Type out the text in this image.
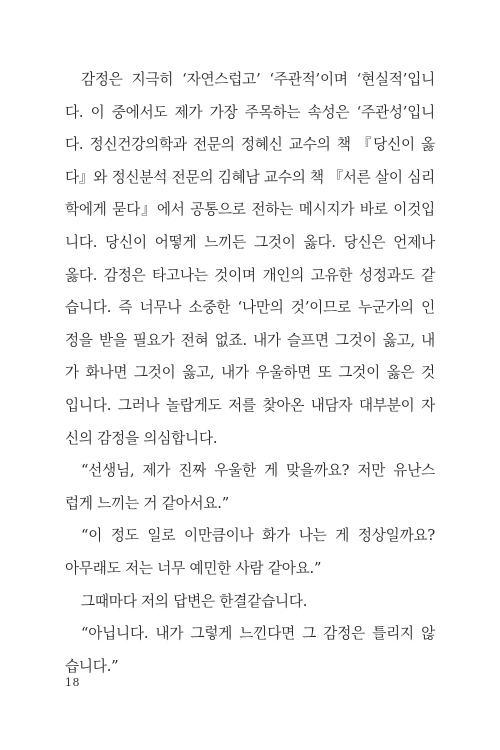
감정은 지극히 ‘자연스럽고’ ‘주관적’이며 ‘현실적’입니
다. 이 중에서도 제가 가장 주목하는 속성은 ‘주관성’입니
다. 정신건강의학과 전문의 정혜신 교수의 책 『당신이 옳
다』와 정신분석 전문의 김혜남 교수의 책 『서른 살이 심리
학에게 묻다』에서 공통으로 전하는 메시지가 바로 이것입
니다. 당신이 어떻게 느끼든 그것이 옳다. 당신은 언제나
옳다. 감정은 타고나는 것이며 개인의 고유한 성정과도 같
습니다. 즉 너무나 소중한 ‘나만의 것’이므로 누군가의 인
정을 받을 필요가 전혀 없죠. 내가 슬프면 그것이 옳고, 내
가 화나면 그것이 옳고, 내가 우울하면 또 그것이 옳은 것
입니다. 그러나 놀랍게도 저를 찾아온 내담자 대부분이 자
신의 감정을 의심합니다.
“선생님, 제가 진짜 우울한 게 맞을까요? 저만 유난스
럽게 느끼는 거 같아서요.”
“이 정도 일로 이만큼이나 화가 나는 게 정상일까요?
아무래도 저는 너무 예민한 사람 같아요.”
그때마다 저의 답변은 한결같습니다.
“아닙니다. 내가 그렇게 느낀다면 그 감정은 틀리지 않
습니다.”
18
